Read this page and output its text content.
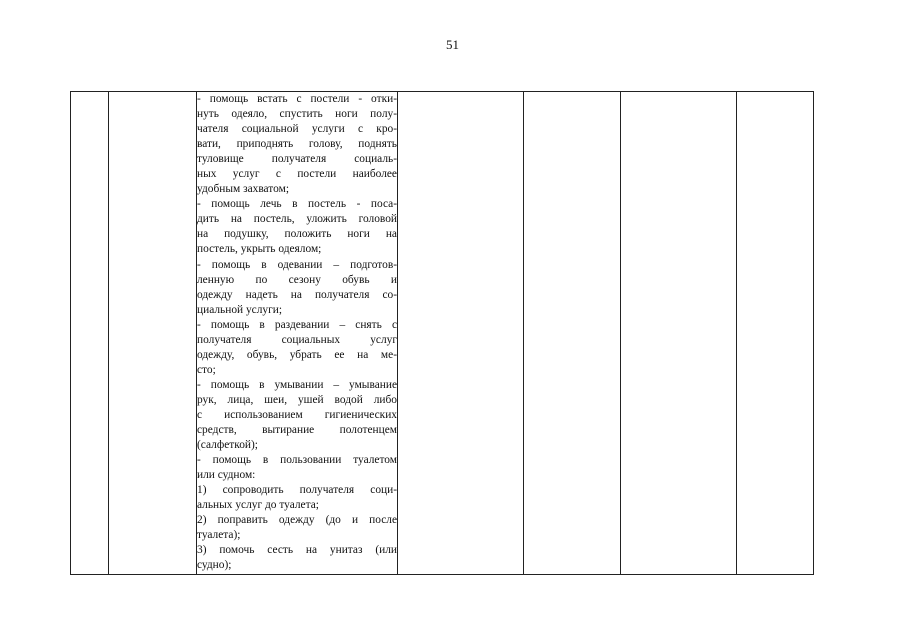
51

- помощь встать с постели - отки-
нуть одеяло, спустить ноги полу-
чателя социальной услуги с кро-
вати, приподнять голову, поднять
туловище получателя социаль-
ных услуг с постели наиболее
удобным захватом;
- помощь лечь в постель - поса-
дить на постель, уложить головой
на подушку, положить ноги на
постель, укрыть одеялом;
- помощь в одевании – подготов-
ленную по сезону обувь и
одежду надеть на получателя со-
циальной услуги;
- помощь в раздевании – снять с
получателя социальных услуг
одежду, обувь, убрать ее на ме-
сто;
- помощь в умывании – умывание
рук, лица, шеи, ушей водой либо
с использованием гигиенических
средств, вытирание полотенцем
(салфеткой);
- помощь в пользовании туалетом
или судном:
1) сопроводить получателя соци-
альных услуг до туалета;
2) поправить одежду (до и после
туалета);
3) помочь сесть на унитаз (или
судно);
